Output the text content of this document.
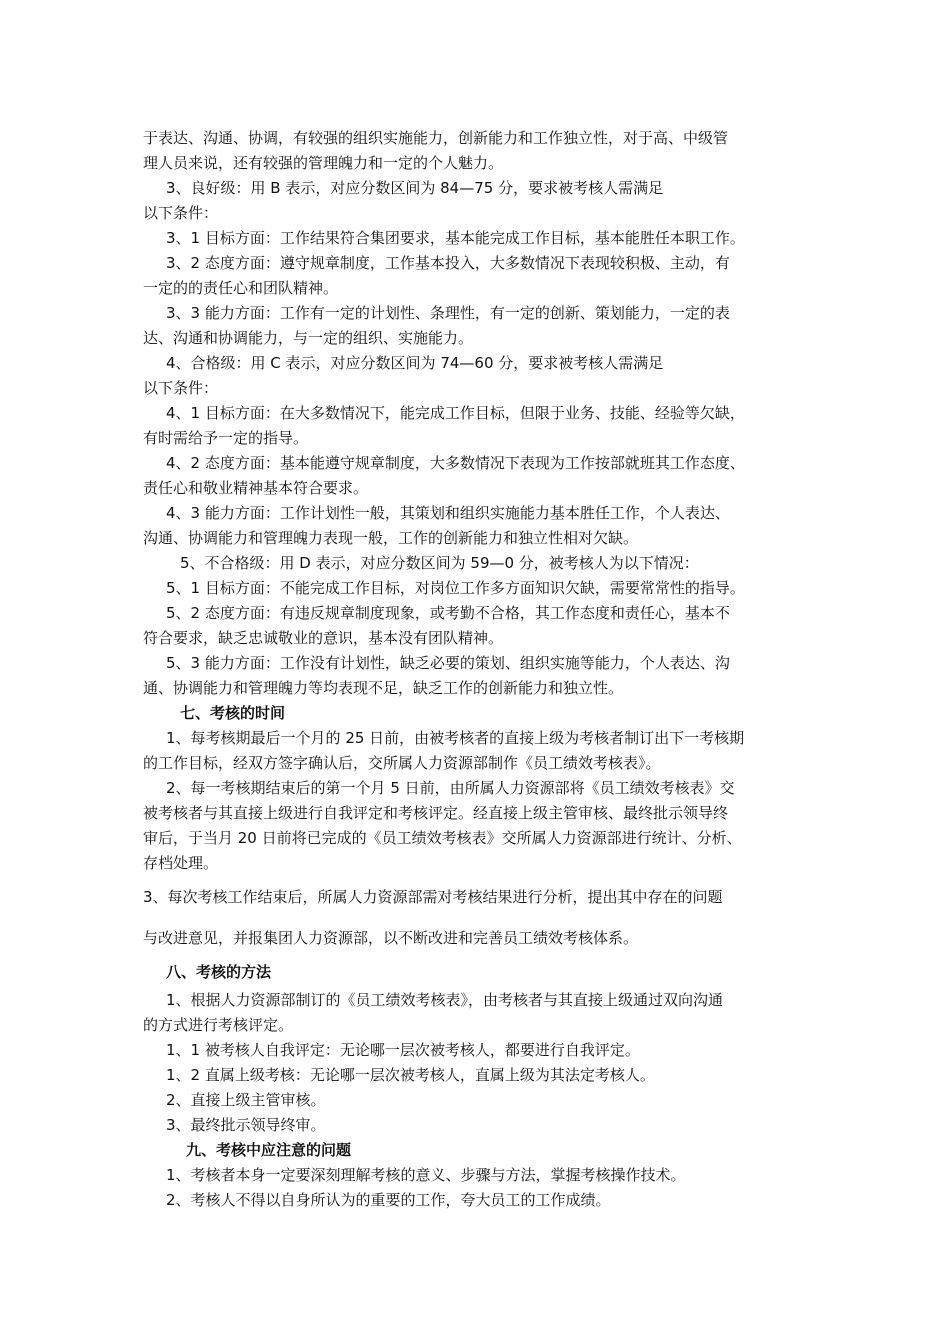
于表达、沟通、协调，有较强的组织实施能力，创新能力和工作独立性，对于高、中级管
理人员来说，还有较强的管理魄力和一定的个人魅力。
3、良好级：用 B 表示，对应分数区间为 84—75 分，要求被考核人需满足
以下条件：
3、1 目标方面：工作结果符合集团要求，基本能完成工作目标，基本能胜任本职工作。
3、2 态度方面：遵守规章制度，工作基本投入，大多数情况下表现较积极、主动，有
一定的的责任心和团队精神。
3、3 能力方面：工作有一定的计划性、条理性，有一定的创新、策划能力，一定的表
达、沟通和协调能力，与一定的组织、实施能力。
4、合格级：用 C 表示，对应分数区间为 74—60 分，要求被考核人需满足
以下条件：
4、1 目标方面：在大多数情况下，能完成工作目标，但限于业务、技能、经验等欠缺，
有时需给予一定的指导。
4、2 态度方面：基本能遵守规章制度，大多数情况下表现为工作按部就班其工作态度、
责任心和敬业精神基本符合要求。
4、3 能力方面：工作计划性一般，其策划和组织实施能力基本胜任工作，个人表达、
沟通、协调能力和管理魄力表现一般，工作的创新能力和独立性相对欠缺。
5、不合格级：用 D 表示，对应分数区间为 59—0 分，被考核人为以下情况：
5、1 目标方面：不能完成工作目标，对岗位工作多方面知识欠缺，需要常常性的指导。
5、2 态度方面：有违反规章制度现象，或考勤不合格，其工作态度和责任心，基本不
符合要求，缺乏忠诚敬业的意识，基本没有团队精神。
5、3 能力方面：工作没有计划性，缺乏必要的策划、组织实施等能力，个人表达、沟
通、协调能力和管理魄力等均表现不足，缺乏工作的创新能力和独立性。
七、考核的时间
1、每考核期最后一个月的 25 日前，由被考核者的直接上级为考核者制订出下一考核期
的工作目标，经双方签字确认后，交所属人力资源部制作《员工绩效考核表》。
2、每一考核期结束后的第一个月 5 日前，由所属人力资源部将《员工绩效考核表》交
被考核者与其直接上级进行自我评定和考核评定。经直接上级主管审核、最终批示领导终
审后，于当月 20 日前将已完成的《员工绩效考核表》交所属人力资源部进行统计、分析、
存档处理。
3、每次考核工作结束后，所属人力资源部需对考核结果进行分析，提出其中存在的问题
与改进意见，并报集团人力资源部，以不断改进和完善员工绩效考核体系。
八、考核的方法
1、根据人力资源部制订的《员工绩效考核表》，由考核者与其直接上级通过双向沟通
的方式进行考核评定。
1、1 被考核人自我评定：无论哪一层次被考核人，都要进行自我评定。
1、2 直属上级考核：无论哪一层次被考核人，直属上级为其法定考核人。
2、直接上级主管审核。
3、最终批示领导终审。
九、考核中应注意的问题
1、考核者本身一定要深刻理解考核的意义、步骤与方法，掌握考核操作技术。
2、考核人不得以自身所认为的重要的工作，夸大员工的工作成绩。
